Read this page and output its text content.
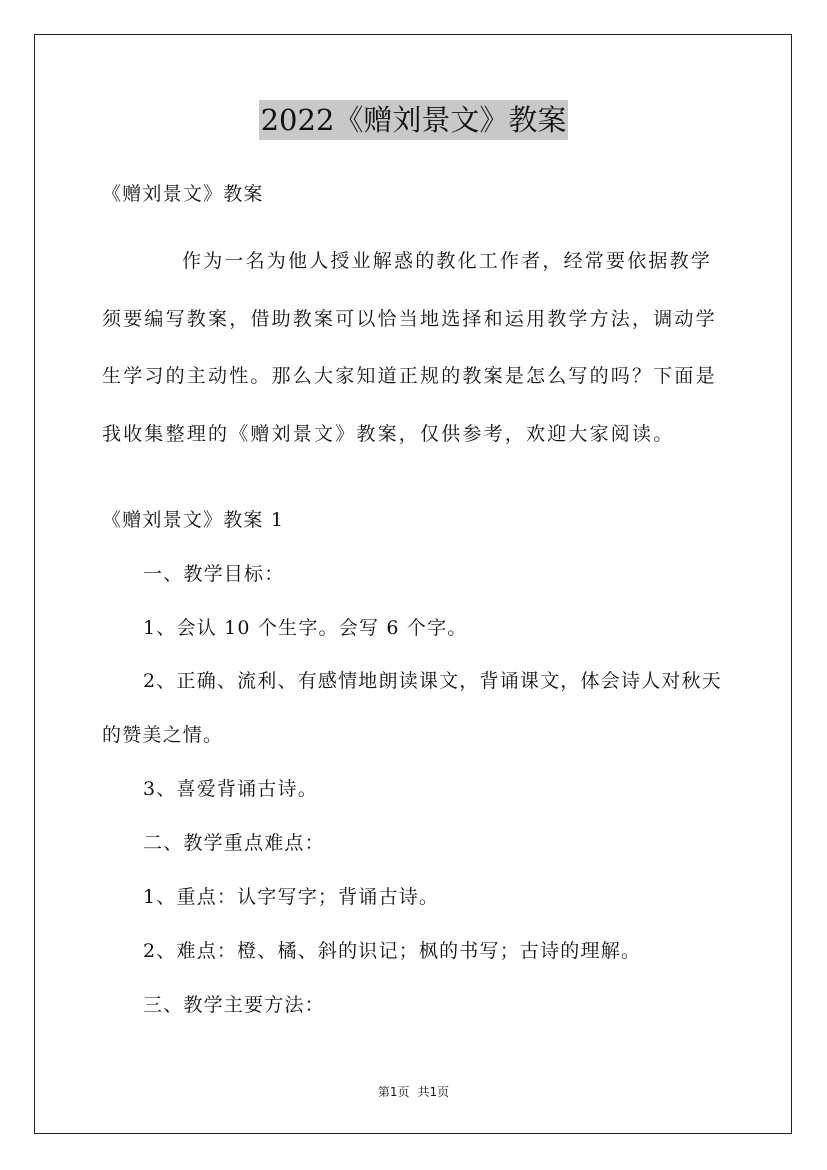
2022《赠刘景文》教案
《赠刘景文》教案

作为一名为他人授业解惑的教化工作者，经常要依据教学须要编写教案，借助教案可以恰当地选择和运用教学方法，调动学生学习的主动性。那么大家知道正规的教案是怎么写的吗？下面是我收集整理的《赠刘景文》教案，仅供参考，欢迎大家阅读。

《赠刘景文》教案 1
一、教学目标：
1、会认 10 个生字。会写 6 个字。
2、正确、流利、有感情地朗读课文，背诵课文，体会诗人对秋天
的赞美之情。
3、喜爱背诵古诗。
二、教学重点难点：
1、重点：认字写字；背诵古诗。
2、难点：橙、橘、斜的识记；枫的书写；古诗的理解。
三、教学主要方法：
第1页 共1页
